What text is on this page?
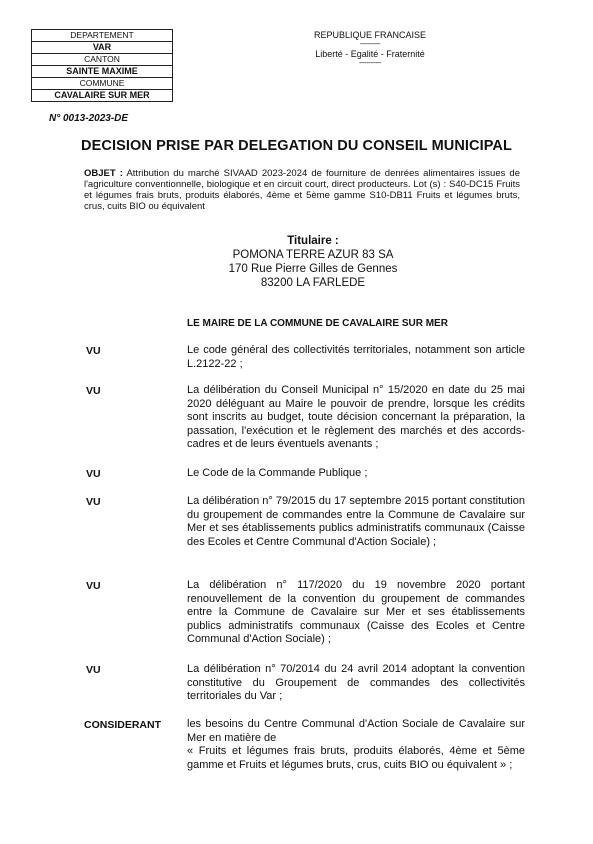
DEPARTEMENT
VAR
CANTON
SAINTE MAXIME
COMMUNE
CAVALAIRE SUR MER
REPUBLIQUE FRANCAISE
-----------
Liberté - Egalité - Fraternité
------------
N° 0013-2023-DE
DECISION PRISE PAR DELEGATION DU CONSEIL MUNICIPAL
OBJET : Attribution du marché SIVAAD 2023-2024 de fourniture de denrées alimentaires issues de l'agriculture conventionnelle, biologique et en circuit court, direct producteurs. Lot (s) : S40-DC15 Fruits et légumes frais bruts, produits élaborés, 4ème et 5ème gamme S10-DB11 Fruits et légumes bruts, crus, cuits BIO ou équivalent
Titulaire :
POMONA TERRE AZUR 83 SA
170 Rue Pierre Gilles de Gennes
83200 LA FARLEDE
LE MAIRE DE LA COMMUNE DE CAVALAIRE SUR MER
VU	Le code général des collectivités territoriales, notamment son article L.2122-22 ;
VU	La délibération du Conseil Municipal n° 15/2020 en date du 25 mai 2020 déléguant au Maire le pouvoir de prendre, lorsque les crédits sont inscrits au budget, toute décision concernant la préparation, la passation, l'exécution et le règlement des marchés et des accords-cadres et de leurs éventuels avenants ;
VU	Le Code de la Commande Publique ;
VU	La délibération n° 79/2015 du 17 septembre 2015 portant constitution du groupement de commandes entre la Commune de Cavalaire sur Mer et ses établissements publics administratifs communaux (Caisse des Ecoles et Centre Communal d'Action Sociale) ;
VU	La délibération n° 117/2020 du 19 novembre 2020 portant renouvellement de la convention du groupement de commandes entre la Commune de Cavalaire sur Mer et ses établissements publics administratifs communaux (Caisse des Ecoles et Centre Communal d'Action Sociale) ;
VU	La délibération n° 70/2014 du 24 avril 2014 adoptant la convention constitutive du Groupement de commandes des collectivités territoriales du Var ;
CONSIDERANT les besoins du Centre Communal d'Action Sociale de Cavalaire sur Mer en matière de
« Fruits et légumes frais bruts, produits élaborés, 4ème et 5ème gamme et Fruits et légumes bruts, crus, cuits BIO ou équivalent » ;
